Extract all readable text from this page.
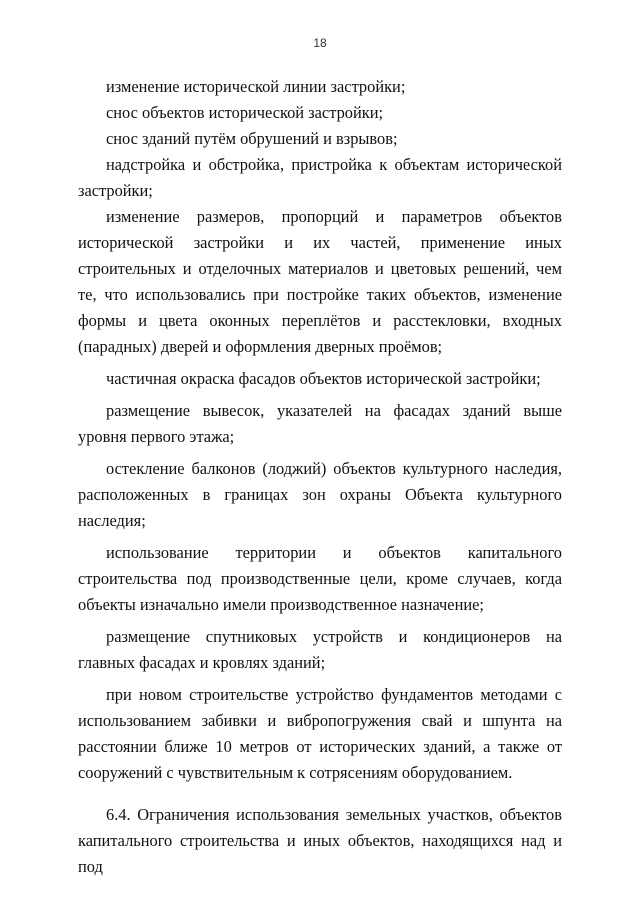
18

изменение исторической линии застройки;

снос объектов исторической застройки;

снос зданий путём обрушений и взрывов;

надстройка и обстройка, пристройка к объектам исторической застройки;

изменение размеров, пропорций и параметров объектов исторической застройки и их частей, применение иных строительных и отделочных материалов и цветовых решений, чем те, что использовались при постройке таких объектов, изменение формы и цвета оконных переплётов и расстекловки, входных (парадных) дверей и оформления дверных проёмов;

частичная окраска фасадов объектов исторической застройки;

размещение вывесок, указателей на фасадах зданий выше уровня первого этажа;

остекление балконов (лоджий) объектов культурного наследия, расположенных в границах зон охраны Объекта культурного наследия;

использование территории и объектов капитального строительства под производственные цели, кроме случаев, когда объекты изначально имели производственное назначение;

размещение спутниковых устройств и кондиционеров на главных фасадах и кровлях зданий;

при новом строительстве устройство фундаментов методами с использованием забивки и вибропогружения свай и шпунта на расстоянии ближе 10 метров от исторических зданий, а также от сооружений с чувствительным к сотрясениям оборудованием.

6.4. Ограничения использования земельных участков, объектов капитального строительства и иных объектов, находящихся над и под
